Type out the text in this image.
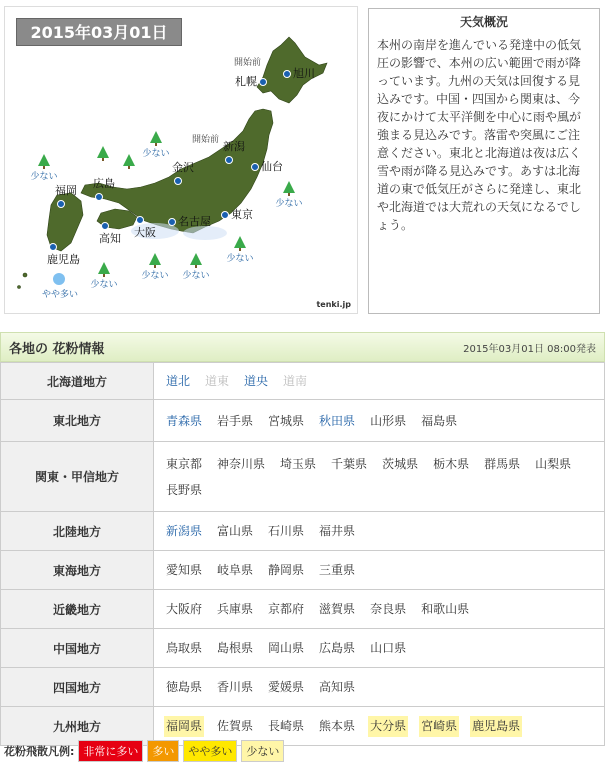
2015年03月01日
旭川
札幌
新潟
仙台
金沢
広島
福岡
東京
大阪
名古屋
高知
鹿児島
開始前
開始前
少ない
少ない
少ない
少ない
少ない
少ない
少ない
やや多い
tenki.jp
天気概況

本州の南岸を進んでいる発達中の低気圧の影響で、本州の広い範囲で雨が降っています。九州の天気は回復する見込みです。中国・四国から関東は、今夜にかけて太平洋側を中心に雨や風が強まる見込みです。落雷や突風にご注意ください。東北と北海道は夜は広く雪や雨が降る見込みです。あすは北海道の東で低気圧がさらに発達し、東北や北海道では大荒れの天気になるでしょう。

各地の 花粉情報	2015年03月01日 08:00発表
北海道地方	道北 道東 道央 道南
東北地方	青森県 岩手県 宮城県 秋田県 山形県 福島県
関東・甲信地方	東京都 神奈川県 埼玉県 千葉県 茨城県 栃木県 群馬県 山梨県長野県
北陸地方	新潟県 富山県 石川県 福井県
東海地方	愛知県 岐阜県 静岡県 三重県
近畿地方	大阪府 兵庫県 京都府 滋賀県 奈良県 和歌山県
中国地方	鳥取県 島根県 岡山県 広島県 山口県
四国地方	徳島県 香川県 愛媛県 高知県
九州地方	福岡県 佐賀県 長崎県 熊本県 大分県 宮崎県 鹿児島県
花粉飛散凡例: 非常に多い	多い	やや多い	少ない
